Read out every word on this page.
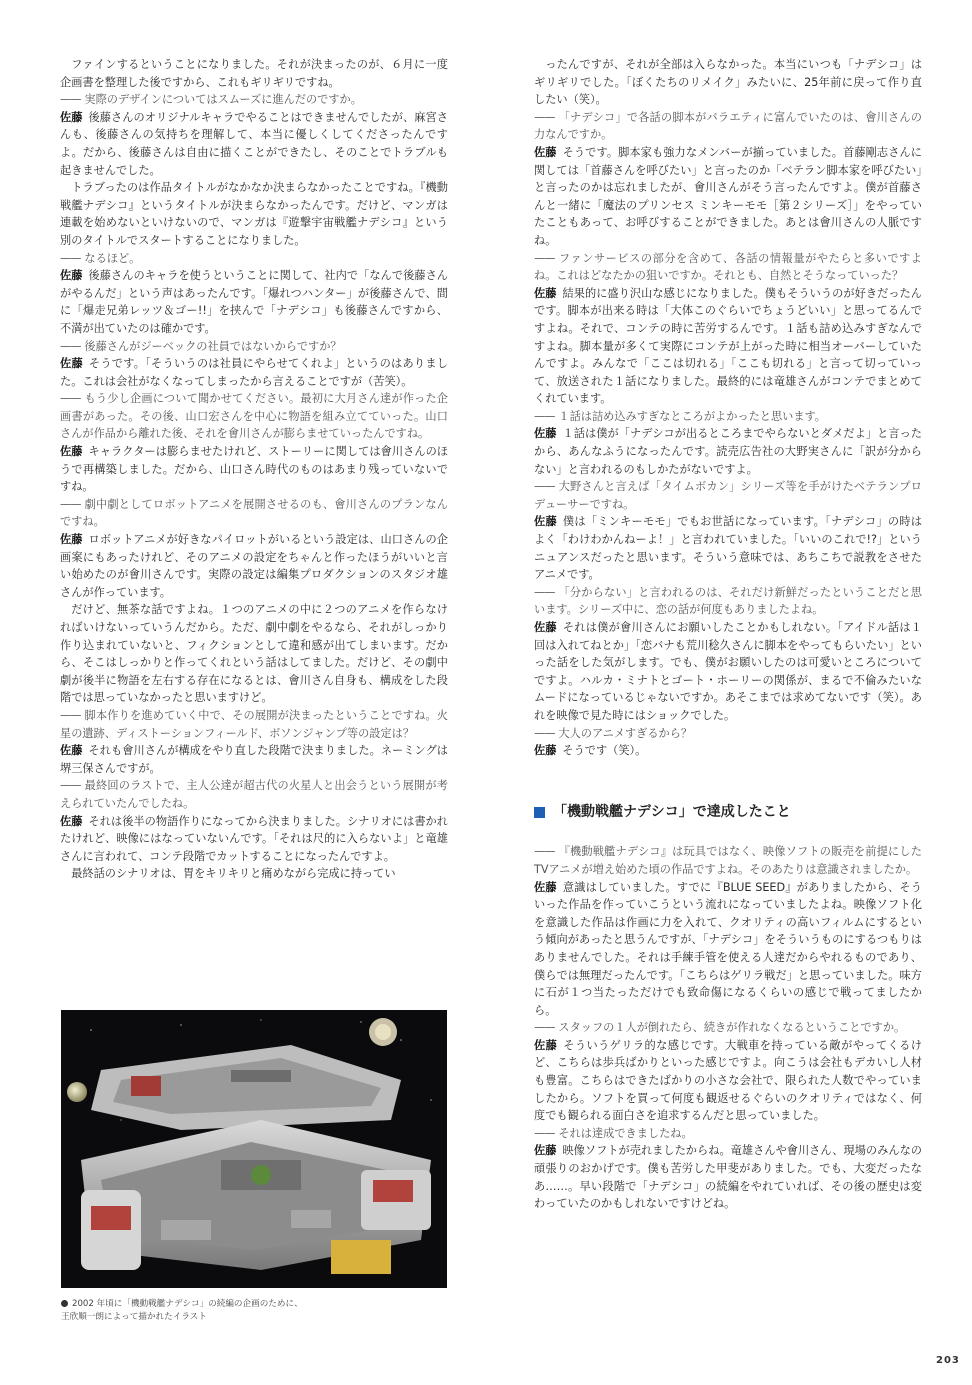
ファインするということになりました。それが決まったのが、６月に一度企画書を整理した後ですから、これもギリギリですね。

—— 実際のデザインについてはスムーズに進んだのですか。

佐藤 後藤さんのオリジナルキャラでやることはできませんでしたが、麻宮さんも、後藤さんの気持ちを理解して、本当に優しくしてくださったんですよ。だから、後藤さんは自由に描くことができたし、そのことでトラブルも起きませんでした。

トラブったのは作品タイトルがなかなか決まらなかったことですね。『機動戦艦ナデシコ』というタイトルが決まらなかったんです。だけど、マンガは連載を始めないといけないので、マンガは『遊撃宇宙戦艦ナデシコ』という別のタイトルでスタートすることになりました。

—— なるほど。

佐藤 後藤さんのキャラを使うということに関して、社内で「なんで後藤さんがやるんだ」という声はあったんです。「爆れつハンター」が後藤さんで、間に「爆走兄弟レッツ＆ゴー!!」を挟んで「ナデシコ」も後藤さんですから、不満が出ていたのは確かです。

—— 後藤さんがジーベックの社員ではないからですか？

佐藤 そうです。「そういうのは社員にやらせてくれよ」というのはありました。これは会社がなくなってしまったから言えることですが（苦笑）。

—— もう少し企画について聞かせてください。最初に大月さん達が作った企画書があった。その後、山口宏さんを中心に物語を組み立てていった。山口さんが作品から離れた後、それを會川さんが膨らませていったんですね。

佐藤 キャラクターは膨らませたけれど、ストーリーに関しては會川さんのほうで再構築しました。だから、山口さん時代のものはあまり残っていないですね。

—— 劇中劇としてロボットアニメを展開させるのも、會川さんのプランなんですね。

佐藤 ロボットアニメが好きなパイロットがいるという設定は、山口さんの企画案にもあったけれど、そのアニメの設定をちゃんと作ったほうがいいと言い始めたのが會川さんです。実際の設定は編集プロダクションのスタジオ雄さんが作っています。

だけど、無茶な話ですよね。１つのアニメの中に２つのアニメを作らなければいけないっていうんだから。ただ、劇中劇をやるなら、それがしっかり作り込まれていないと、フィクションとして違和感が出てしまいます。だから、そこはしっかりと作ってくれという話はしてました。だけど、その劇中劇が後半に物語を左右する存在になるとは、會川さん自身も、構成をした段階では思っていなかったと思いますけど。

—— 脚本作りを進めていく中で、その展開が決まったということですね。火星の遺跡、ディストーションフィールド、ボソンジャンプ等の設定は？

佐藤 それも會川さんが構成をやり直した段階で決まりました。ネーミングは堺三保さんですが。

—— 最終回のラストで、主人公達が超古代の火星人と出会うという展開が考えられていたんでしたね。

佐藤 それは後半の物語作りになってから決まりました。シナリオには書かれたけれど、映像にはなっていないんです。「それは尺的に入らないよ」と竜雄さんに言われて、コンテ段階でカットすることになったんですよ。

最終話のシナリオは、胃をキリキリと痛めながら完成に持ってい

ったんですが、それが全部は入らなかった。本当にいつも「ナデシコ」はギリギリでした。「ぼくたちのリメイク」みたいに、25年前に戻って作り直したい（笑）。

—— 「ナデシコ」で各話の脚本がバラエティに富んでいたのは、會川さんの力なんですか。

佐藤 そうです。脚本家も強力なメンバーが揃っていました。首藤剛志さんに関しては「首藤さんを呼びたい」と言ったのか「ベテラン脚本家を呼びたい」と言ったのかは忘れましたが、會川さんがそう言ったんですよ。僕が首藤さんと一緒に「魔法のプリンセス ミンキーモモ［第２シリーズ］」をやっていたこともあって、お呼びすることができました。あとは會川さんの人脈ですね。

—— ファンサービスの部分を含めて、各話の情報量がやたらと多いですよね。これはどなたかの狙いですか。それとも、自然とそうなっていった？

佐藤 結果的に盛り沢山な感じになりました。僕もそういうのが好きだったんです。脚本が出来る時は「大体このぐらいでちょうどいい」と思ってるんですよね。それで、コンテの時に苦労するんです。１話も詰め込みすぎなんですよね。脚本量が多くて実際にコンテが上がった時に相当オーバーしていたんですよ。みんなで「ここは切れる」「ここも切れる」と言って切っていって、放送された１話になりました。最終的には竜雄さんがコンテでまとめてくれています。

—— １話は詰め込みすぎなところがよかったと思います。

佐藤 １話は僕が「ナデシコが出るところまでやらないとダメだよ」と言ったから、あんなふうになったんです。読売広告社の大野実さんに「訳が分からない」と言われるのもしかたがないですよ。

—— 大野さんと言えば「タイムボカン」シリーズ等を手がけたベテランプロデューサーですね。

佐藤 僕は「ミンキーモモ」でもお世話になっています。「ナデシコ」の時はよく「わけわかんねーよ！」と言われていました。「いいのこれで!?」というニュアンスだったと思います。そういう意味では、あちこちで説教をさせたアニメです。

—— 「分からない」と言われるのは、それだけ新鮮だったということだと思います。シリーズ中に、恋の話が何度もありましたよね。

佐藤 それは僕が會川さんにお願いしたことかもしれない。「アイドル話は１回は入れてねとか」「恋バナも荒川稔久さんに脚本をやってもらいたい」といった話をした気がします。でも、僕がお願いしたのは可愛いところについてですよ。ハルカ・ミナトとゴート・ホーリーの関係が、まるで不倫みたいなムードになっているじゃないですか。あそこまでは求めてないです（笑）。あれを映像で見た時にはショックでした。

—— 大人のアニメすぎるから？

佐藤 そうです（笑）。

「機動戦艦ナデシコ」で達成したこと

—— 『機動戦艦ナデシコ』は玩具ではなく、映像ソフトの販売を前提にしたTVアニメが増え始めた頃の作品ですよね。そのあたりは意識されましたか。

佐藤 意識はしていました。すでに『BLUE SEED』がありましたから、そういった作品を作っていこうという流れになっていましたよね。映像ソフト化を意識した作品は作画に力を入れて、クオリティの高いフィルムにするという傾向があったと思うんですが、「ナデシコ」をそういうものにするつもりはありませんでした。それは手練手管を使える人達だからやれるものであり、僕らでは無理だったんです。「こちらはゲリラ戦だ」と思っていました。味方に石が１つ当たっただけでも致命傷になるくらいの感じで戦ってましたから。

—— スタッフの１人が倒れたら、続きが作れなくなるということですか。

佐藤 そういうゲリラ的な感じです。大戦車を持っている敵がやってくるけど、こちらは歩兵ばかりといった感じですよ。向こうは会社もデカいし人材も豊富。こちらはできたばかりの小さな会社で、限られた人数でやっていましたから。ソフトを買って何度も観返せるぐらいのクオリティではなく、何度でも観られる面白さを追求するんだと思っていました。

—— それは達成できましたね。

佐藤 映像ソフトが売れましたからね。竜雄さんや會川さん、現場のみんなの頑張りのおかげです。僕も苦労した甲斐がありました。でも、大変だったなあ……。早い段階で「ナデシコ」の続編をやれていれば、その後の歴史は変わっていたのかもしれないですけどね。

2002 年頃に「機動戦艦ナデシコ」の続編の企画のために、
王欣順一朗によって描かれたイラスト
203
